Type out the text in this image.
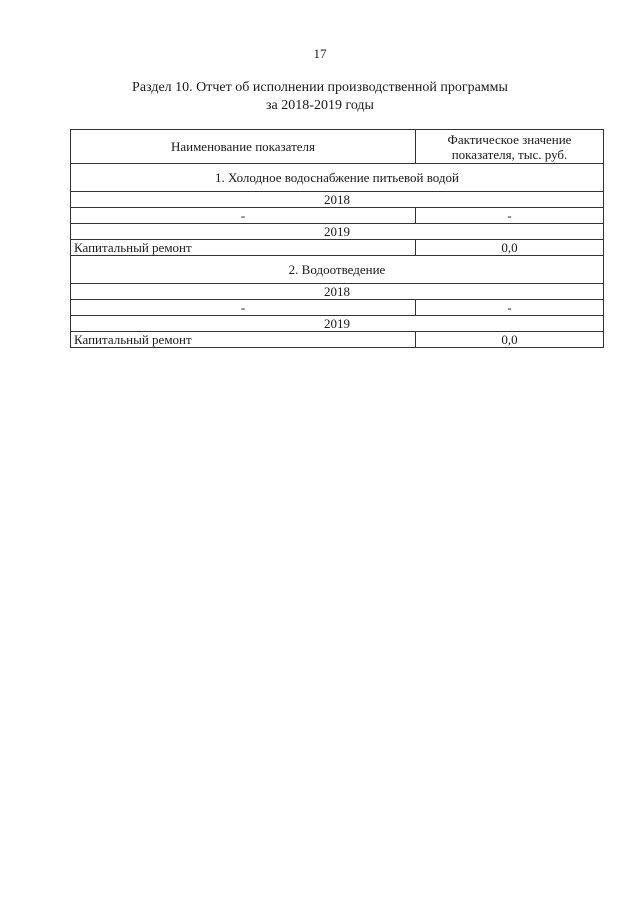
17
Раздел 10. Отчет об исполнении производственной программы
за 2018-2019 годы
Наименование показателя	Фактическое значение показателя, тыс. руб.
1. Холодное водоснабжение питьевой водой	
2018	
-	-
2019	
Капитальный ремонт	0,0
2. Водоотведение	
2018	
-	-
2019	
Капитальный ремонт	0,0
